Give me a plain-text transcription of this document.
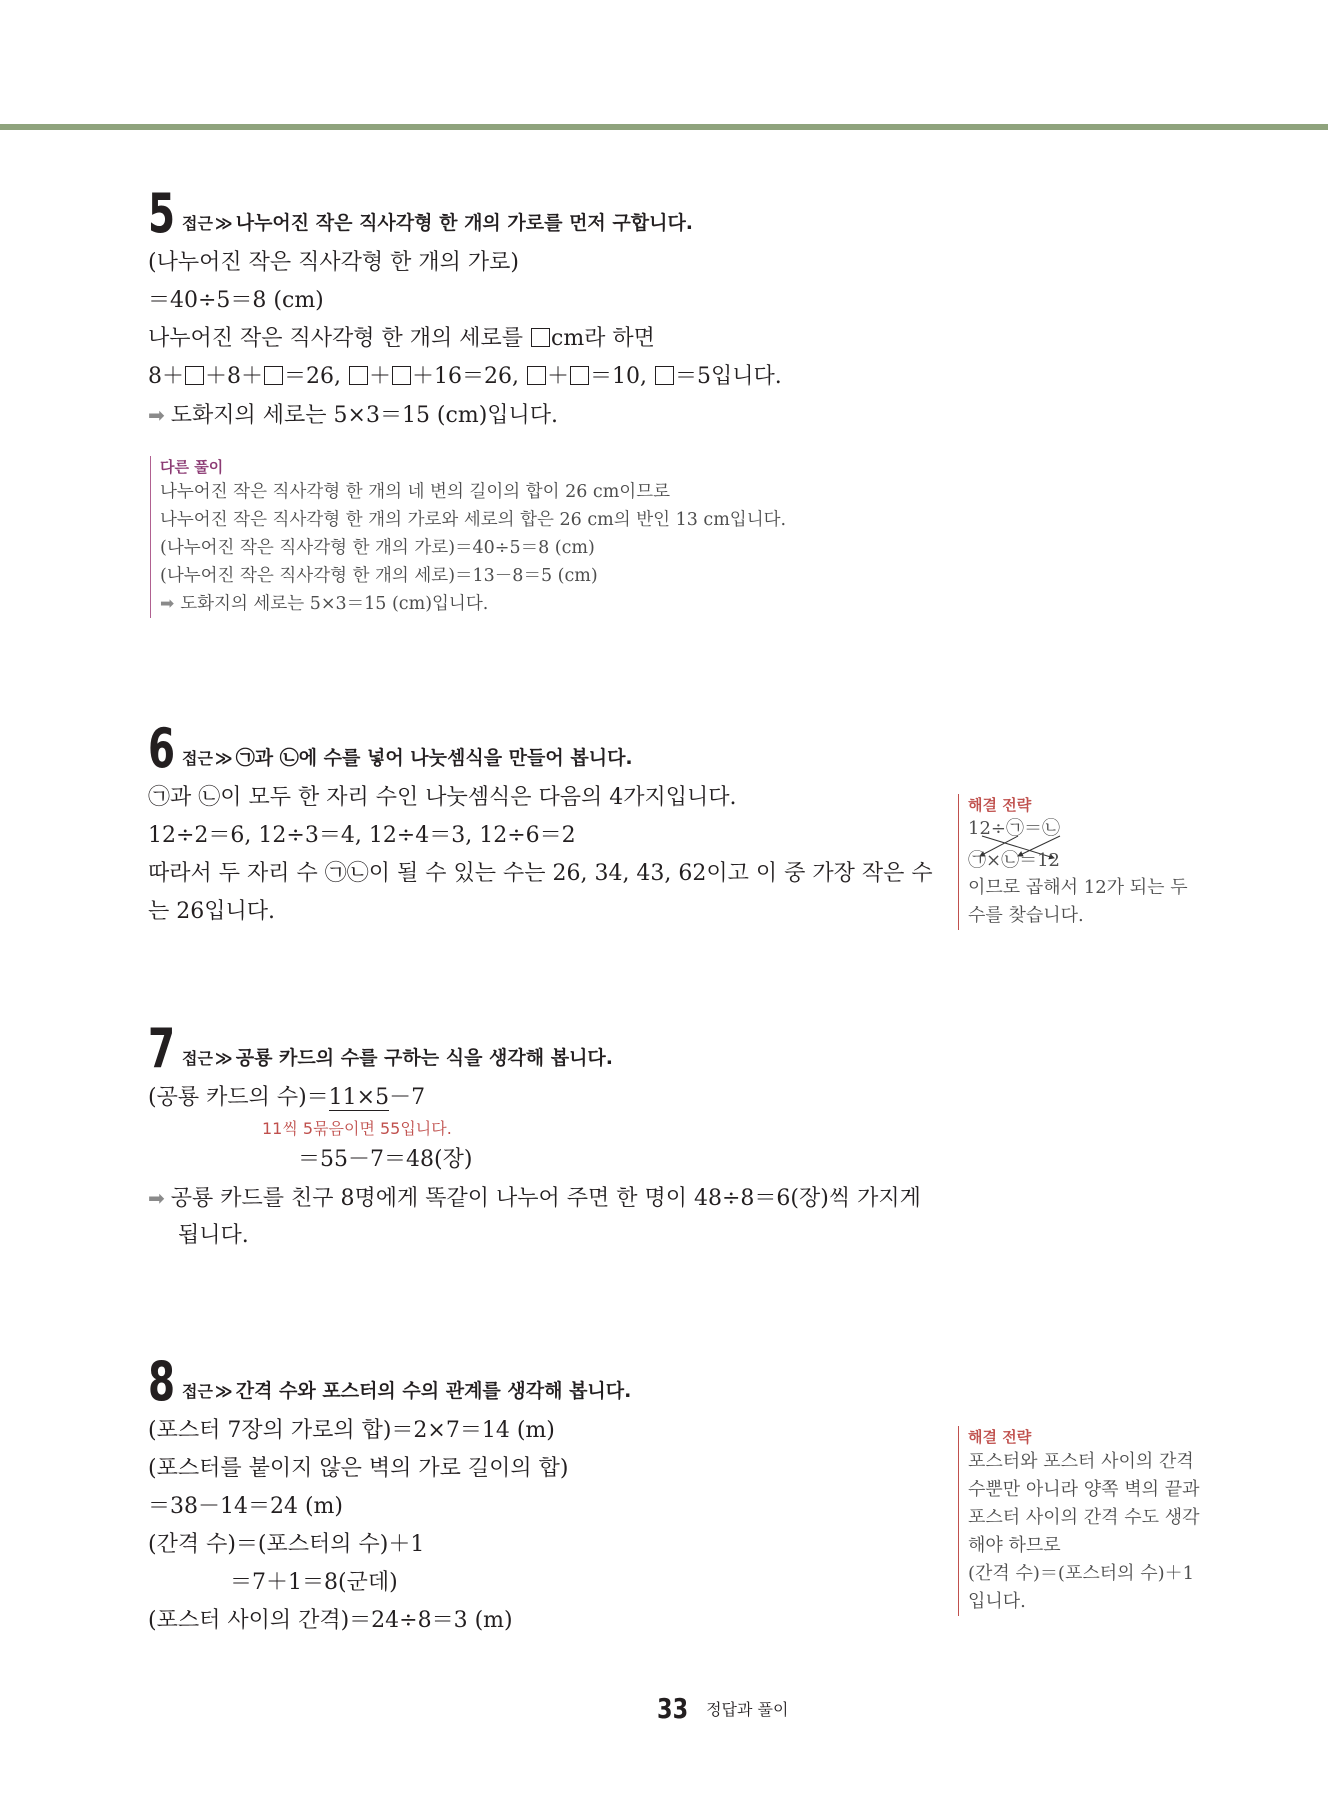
5 접근 ≫ 나누어진 작은 직사각형 한 개의 가로를 먼저 구합니다.
(나누어진 작은 직사각형 한 개의 가로)
＝40÷5＝8 (cm)
나누어진 작은 직사각형 한 개의 세로를 cm라 하면
8＋ ＋8＋ ＝26, ＋ ＋16＝26, ＋ ＝10, ＝5입니다.
➡ 도화지의 세로는 5×3＝15 (cm)입니다.
다른 풀이
나누어진 작은 직사각형 한 개의 네 변의 길이의 합이 26 cm이므로
나누어진 작은 직사각형 한 개의 가로와 세로의 합은 26 cm의 반인 13 cm입니다.
(나누어진 작은 직사각형 한 개의 가로)＝40÷5＝8 (cm)
(나누어진 작은 직사각형 한 개의 세로)＝13－8＝5 (cm)
➡ 도화지의 세로는 5×3＝15 (cm)입니다.
6 접근 ≫ ㉠과 ㉡에 수를 넣어 나눗셈식을 만들어 봅니다.
㉠과 ㉡이 모두 한 자리 수인 나눗셈식은 다음의 4가지입니다.
12÷2＝6, 12÷3＝4, 12÷4＝3, 12÷6＝2
따라서 두 자리 수 ㉠㉡이 될 수 있는 수는 26, 34, 43, 62이고 이 중 가장 작은 수
는 26입니다.
해결 전략
12÷㉠＝㉡
㉠×㉡＝12
이므로 곱해서 12가 되는 두
수를 찾습니다.
7 접근 ≫ 공룡 카드의 수를 구하는 식을 생각해 봅니다.
(공룡 카드의 수)＝11×5－7
11씩 5묶음이면 55입니다.
＝55－7＝48(장)
➡ 공룡 카드를 친구 8명에게 똑같이 나누어 주면 한 명이 48÷8＝6(장)씩 가지게
됩니다.
8 접근 ≫ 간격 수와 포스터의 수의 관계를 생각해 봅니다.
(포스터 7장의 가로의 합)＝2×7＝14 (m)
(포스터를 붙이지 않은 벽의 가로 길이의 합)
＝38－14＝24 (m)
(간격 수)＝(포스터의 수)＋1
＝7＋1＝8(군데)
(포스터 사이의 간격)＝24÷8＝3 (m)
해결 전략
포스터와 포스터 사이의 간격
수뿐만 아니라 양쪽 벽의 끝과
포스터 사이의 간격 수도 생각
해야 하므로
(간격 수)＝(포스터의 수)＋1
입니다.
33 정답과 풀이
